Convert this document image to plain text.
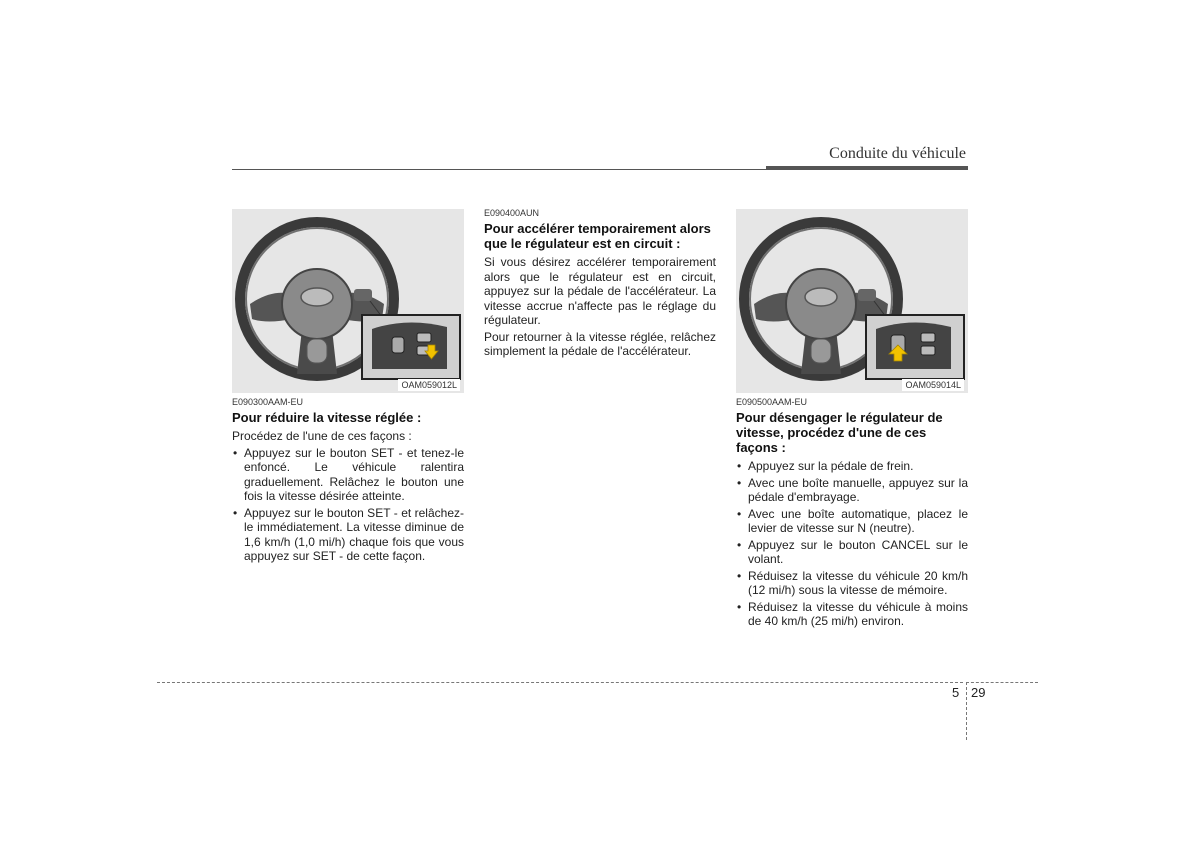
Conduite du véhicule
OAM059012L

E090300AAM-EU

Pour réduire la vitesse réglée :

Procédez de l'une de ces façons :

• Appuyez sur le bouton SET - et tenez-le enfoncé. Le véhicule ralentira graduellement. Relâchez le bouton une fois la vitesse désirée atteinte.
• Appuyez sur le bouton SET - et relâchez-le immédiatement. La vitesse diminue de 1,6 km/h (1,0 mi/h) chaque fois que vous appuyez sur SET - de cette façon.

E090400AUN

Pour accélérer temporairement alors que le régulateur est en circuit :

Si vous désirez accélérer temporairement alors que le régulateur est en circuit, appuyez sur la pédale de l'accélérateur. La vitesse accrue n'affecte pas le réglage du régulateur.

Pour retourner à la vitesse réglée, relâchez simplement la pédale de l'accélérateur.

OAM059014L

E090500AAM-EU

Pour désengager le régulateur de vitesse, procédez d'une de ces façons :

• Appuyez sur la pédale de frein.
• Avec une boîte manuelle, appuyez sur la pédale d'embrayage.
• Avec une boîte automatique, placez le levier de vitesse sur N (neutre).
• Appuyez sur le bouton CANCEL sur le volant.
• Réduisez la vitesse du véhicule 20 km/h (12 mi/h) sous la vitesse de mémoire.
• Réduisez la vitesse du véhicule à moins de 40 km/h (25 mi/h) environ.
5 29
